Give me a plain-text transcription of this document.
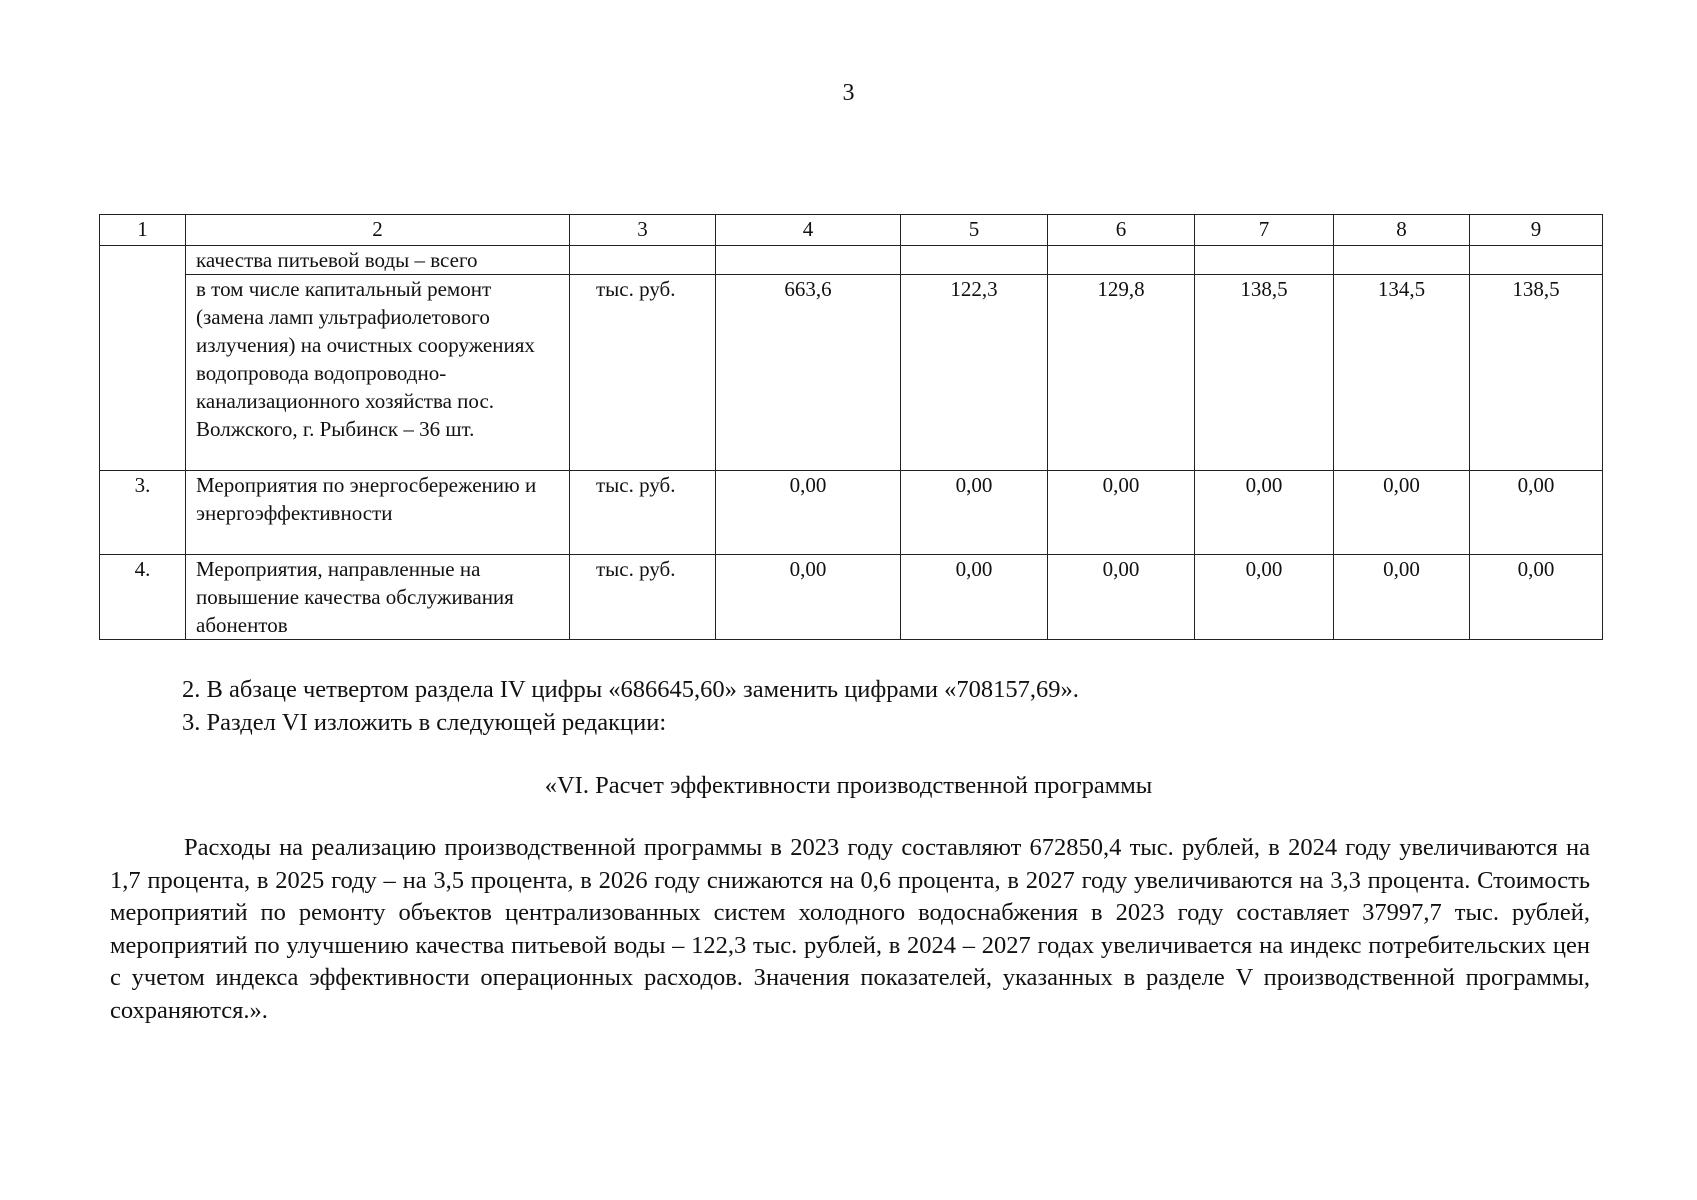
3
1	2	3	4	5	6	7	8	9
	качества питьевой воды – всего							
	в том числе капитальный ремонт (замена ламп ультрафиолетового излучения) на очистных сооружениях водопровода водопроводно-канализационного хозяйства пос. Волжского, г. Рыбинск – 36 шт.	тыс. руб.	663,6	122,3	129,8	138,5	134,5	138,5
3.	Мероприятия по энергосбережению и энергоэффективности	тыс. руб.	0,00	0,00	0,00	0,00	0,00	0,00
4.	Мероприятия, направленные на повышение качества обслуживания абонентов	тыс. руб.	0,00	0,00	0,00	0,00	0,00	0,00
2. В абзаце четвертом раздела IV цифры «686645,60» заменить цифрами «708157,69».
3. Раздел VI изложить в следующей редакции:
«VI. Расчет эффективности производственной программы
Расходы на реализацию производственной программы в 2023 году составляют 672850,4 тыс. рублей, в 2024 году увеличиваются на 1,7 процента, в 2025 году – на 3,5 процента, в 2026 году снижаются на 0,6 процента, в 2027 году увеличиваются на 3,3 процента. Стоимость мероприятий по ремонту объектов централизованных систем холодного водоснабжения в 2023 году составляет 37997,7 тыс. рублей, мероприятий по улучшению качества питьевой воды – 122,3 тыс. рублей, в 2024 – 2027 годах увеличивается на индекс потребительских цен с учетом индекса эффективности операционных расходов. Значения показателей, указанных в разделе V производственной программы, сохраняются.».
